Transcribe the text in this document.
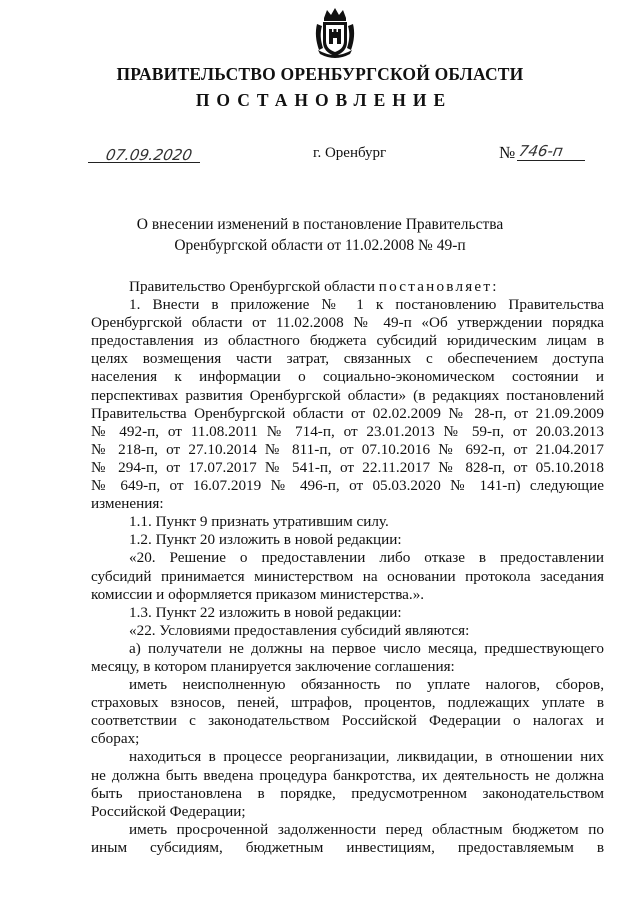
ПРАВИТЕЛЬСТВО ОРЕНБУРГСКОЙ ОБЛАСТИ
ПОСТАНОВЛЕНИЕ
07.09.2020	г. Оренбург	№ 746-п
О внесении изменений в постановление Правительства
Оренбургской области от 11.02.2008 № 49-п

Правительство Оренбургской области постановляет:

1. Внести в приложение № 1 к постановлению Правительства

Оренбургской области от 11.02.2008 № 49-п «Об утверждении порядка

предоставления из областного бюджета субсидий юридическим лицам в

целях возмещения части затрат, связанных с обеспечением доступа

населения к информации о социально-экономическом состоянии и

перспективах развития Оренбургской области» (в редакциях постановлений

Правительства Оренбургской области от 02.02.2009 № 28-п, от 21.09.2009

№ 492-п, от 11.08.2011 № 714-п, от 23.01.2013 № 59-п, от 20.03.2013

№ 218-п, от 27.10.2014 № 811-п, от 07.10.2016 № 692-п, от 21.04.2017

№ 294-п, от 17.07.2017 № 541-п, от 22.11.2017 № 828-п, от 05.10.2018

№ 649-п, от 16.07.2019 № 496-п, от 05.03.2020 № 141-п) следующие

изменения:

1.1. Пункт 9 признать утратившим силу.

1.2. Пункт 20 изложить в новой редакции:

«20. Решение о предоставлении либо отказе в предоставлении

субсидий принимается министерством на основании протокола заседания

комиссии и оформляется приказом министерства.».

1.3. Пункт 22 изложить в новой редакции:

«22. Условиями предоставления субсидий являются:

а) получатели не должны на первое число месяца, предшествующего

месяцу, в котором планируется заключение соглашения:

иметь неисполненную обязанность по уплате налогов, сборов,

страховых взносов, пеней, штрафов, процентов, подлежащих уплате в

соответствии с законодательством Российской Федерации о налогах и

сборах;

находиться в процессе реорганизации, ликвидации, в отношении них

не должна быть введена процедура банкротства, их деятельность не должна

быть приостановлена в порядке, предусмотренном законодательством

Российской Федерации;

иметь просроченной задолженности перед областным бюджетом по

иным субсидиям, бюджетным инвестициям, предоставляемым в
